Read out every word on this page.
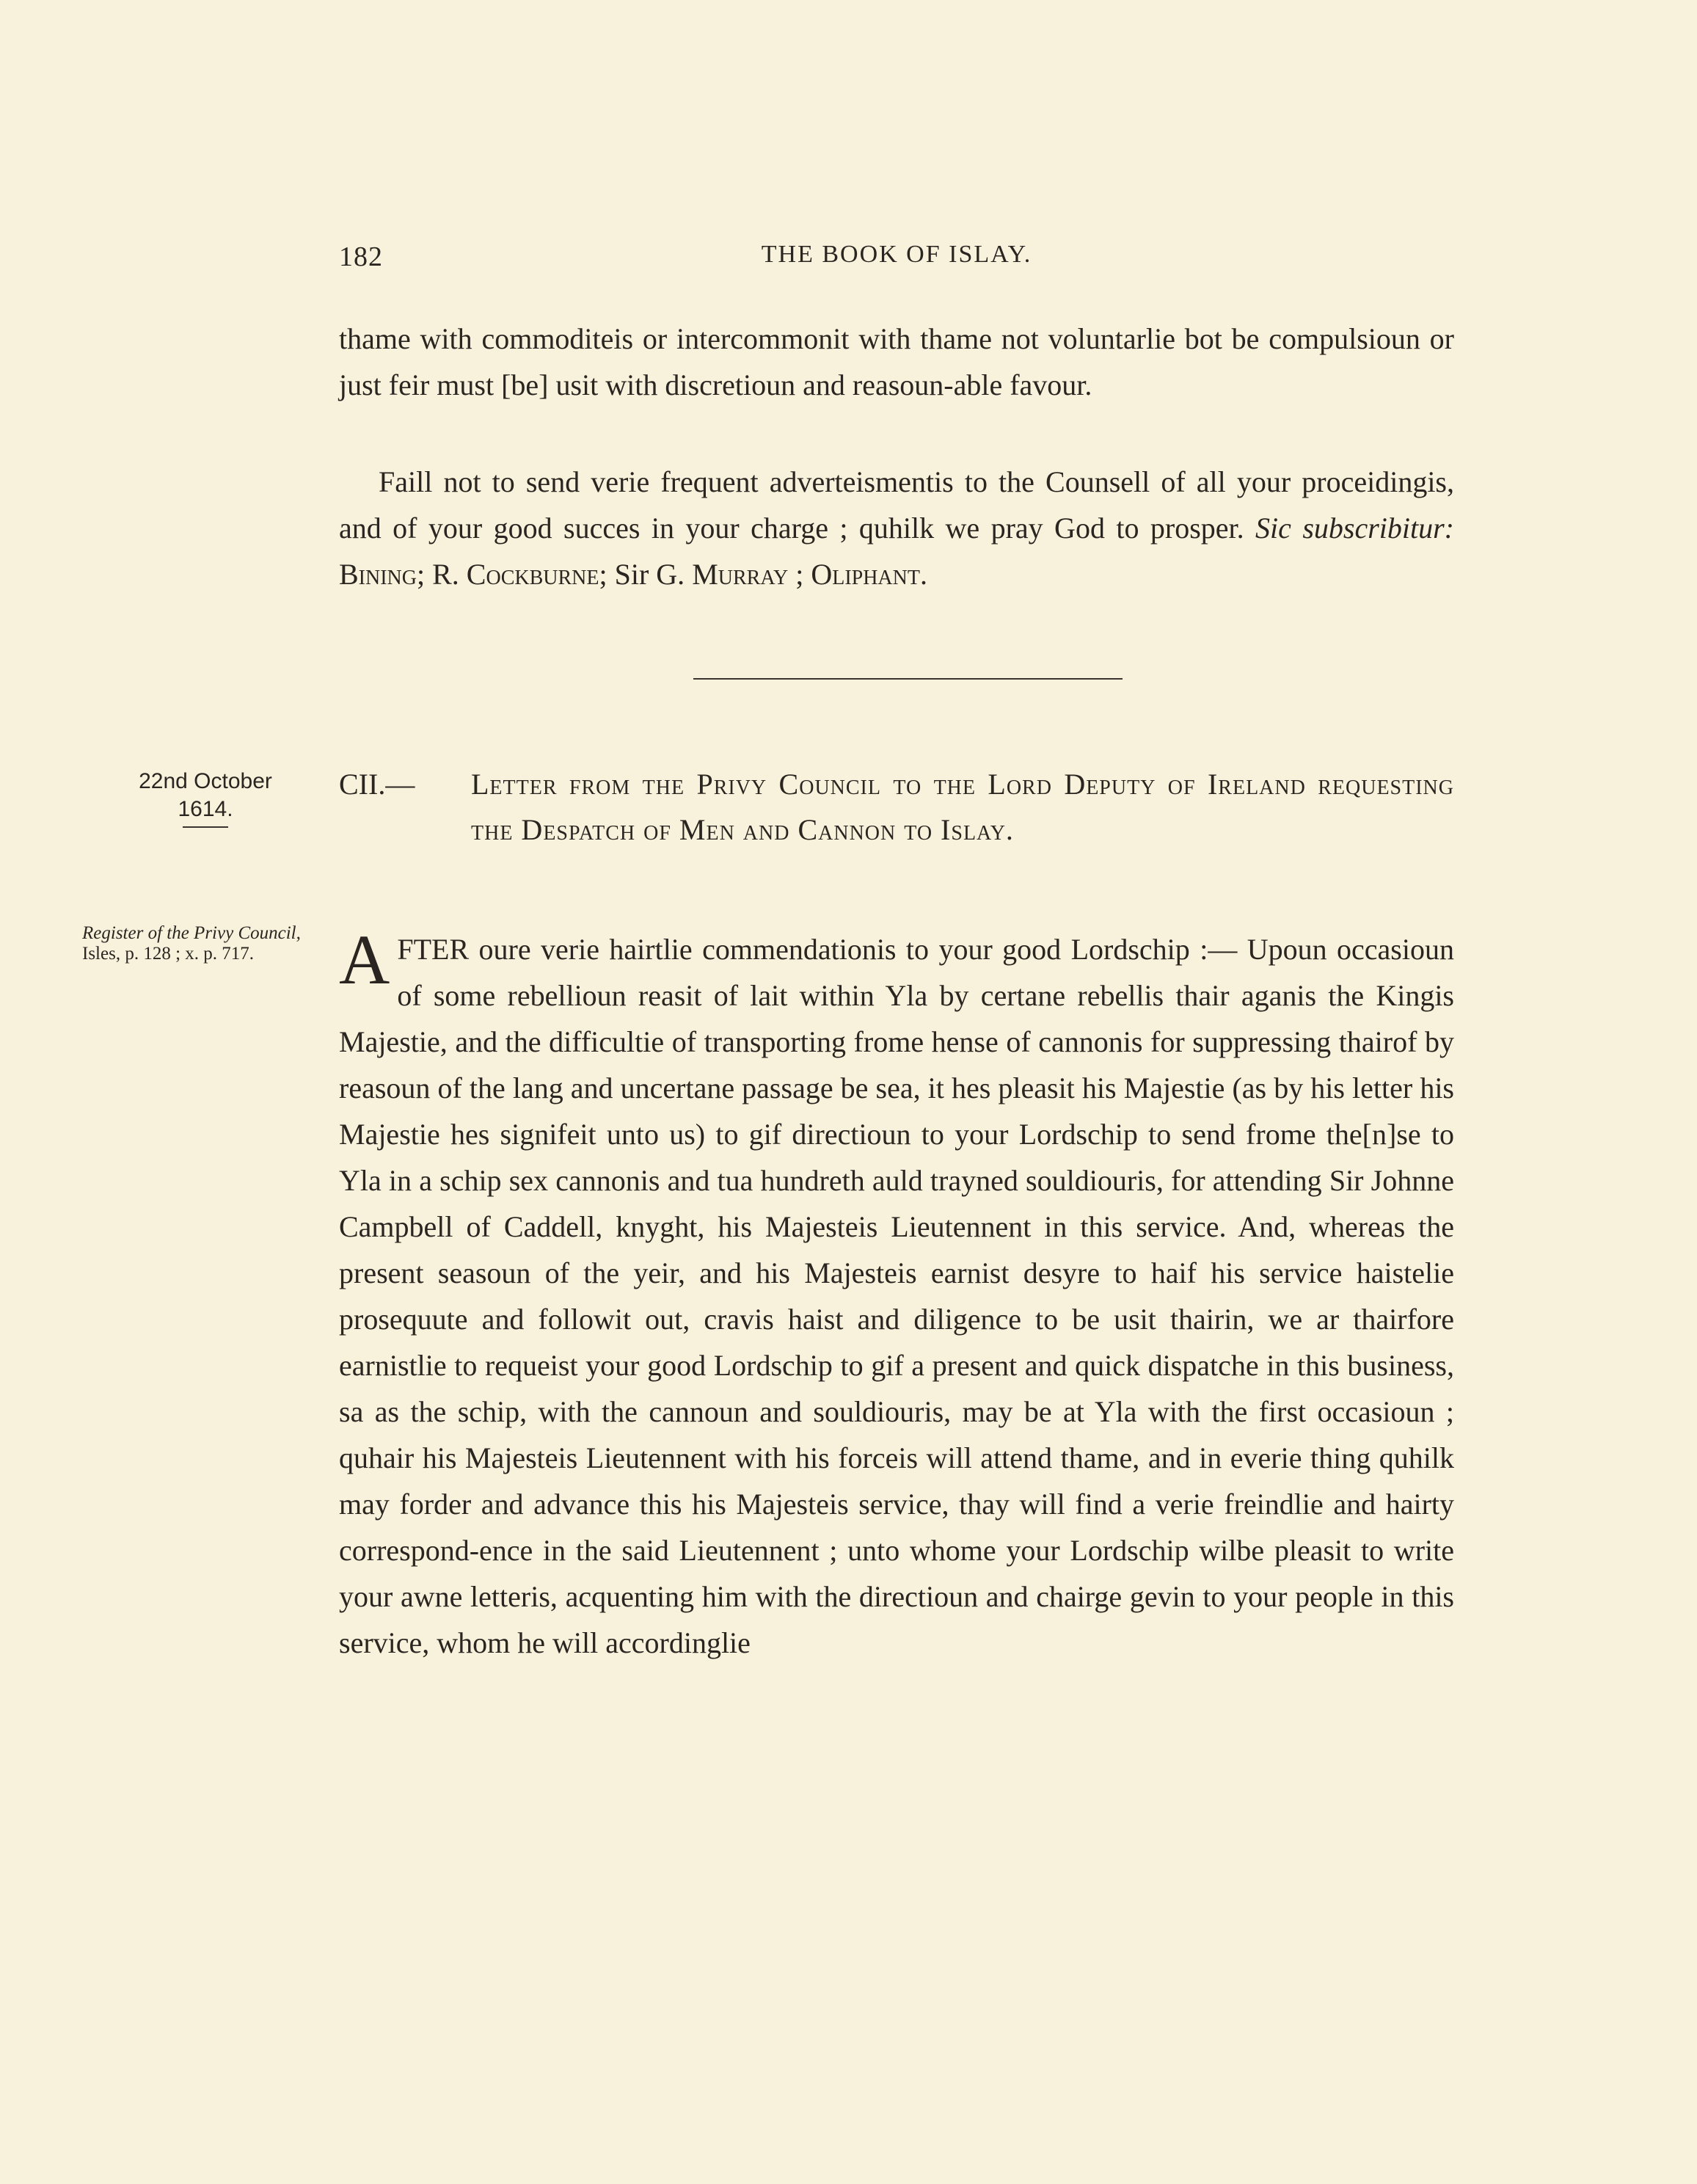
182	THE BOOK OF ISLAY.

thame with commoditeis or intercommonit with thame not voluntarlie bot be compulsioun or just feir must [be] usit with discretioun and reasoun-able favour.

Faill not to send verie frequent adverteismentis to the Counsell of all your proceidingis, and of your good succes in your charge ; quhilk we pray God to prosper. Sic subscribitur: Bining; R. Cockburne; Sir G. Murray ; Oliphant.

22nd October
1614.
CII.— Letter from the Privy Council to the Lord Deputy of Ireland requesting the Despatch of Men and Cannon to Islay.
Register of the Privy Council, Isles, p. 128 ; x. p. 717.	AFTER oure verie hairtlie commendationis to your good Lordschip :— Upoun occasioun of some rebellioun reasit of lait within Yla by certane rebellis thair aganis the Kingis Majestie, and the difficultie of transporting frome hense of cannonis for suppressing thairof by reasoun of the lang and uncertane passage be sea, it hes pleasit his Majestie (as by his letter his Majestie hes signifeit unto us) to gif directioun to your Lordschip to send frome the[n]se to Yla in a schip sex cannonis and tua hundreth auld trayned souldiouris, for attending Sir Johnne Campbell of Caddell, knyght, his Majesteis Lieutennent in this service. And, whereas the present seasoun of the yeir, and his Majesteis earnist desyre to haif his service haistelie prosequute and followit out, cravis haist and diligence to be usit thairin, we ar thairfore earnistlie to requeist your good Lordschip to gif a present and quick dispatche in this business, sa as the schip, with the cannoun and souldiouris, may be at Yla with the first occasioun ; quhair his Majesteis Lieutennent with his forceis will attend thame, and in everie thing quhilk may forder and advance this his Majesteis service, thay will find a verie freindlie and hairty correspond-ence in the said Lieutennent ; unto whome your Lordschip wilbe pleasit to write your awne letteris, acquenting him with the directioun and chairge gevin to your people in this service, whom he will accordinglie
